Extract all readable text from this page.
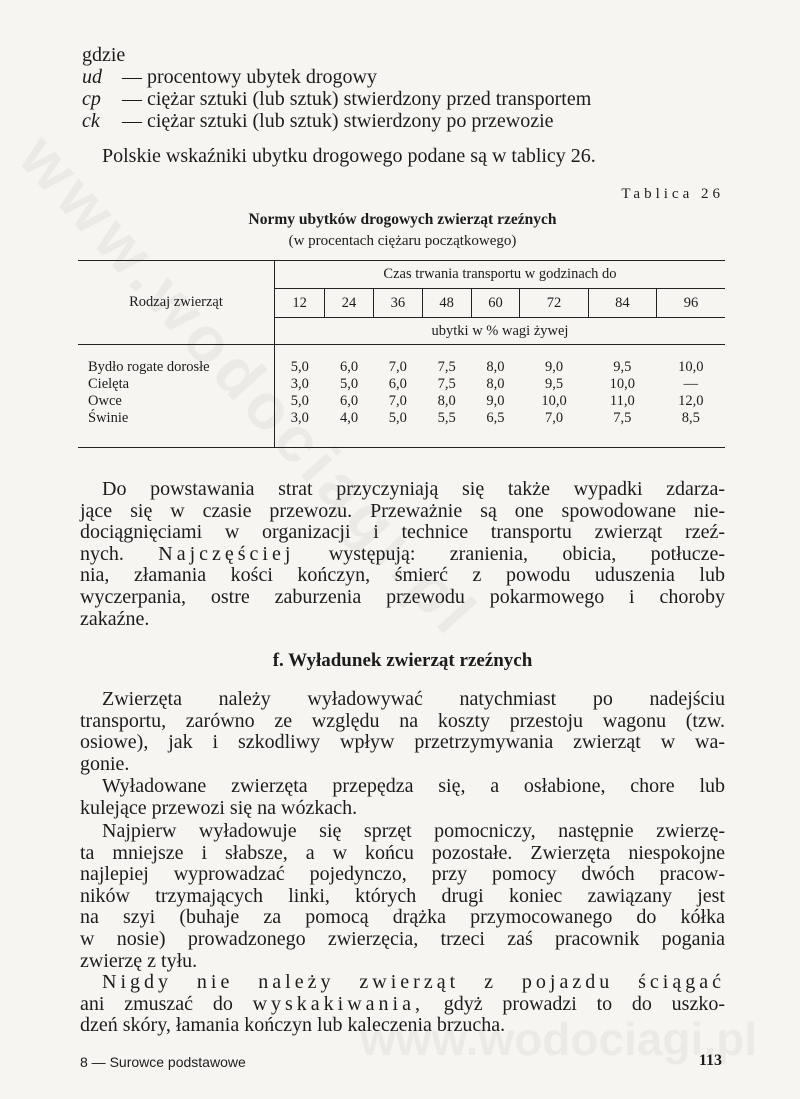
gdzie
ud — procentowy ubytek drogowy
cp — ciężar sztuki (lub sztuk) stwierdzony przed transportem
ck — ciężar sztuki (lub sztuk) stwierdzony po przewozie
Polskie wskaźniki ubytku drogowego podane są w tablicy 26.
Tablica 26
Normy ubytków drogowych zwierząt rzeźnych
(w procentach ciężaru początkowego)
Rodzaj zwierząt	Czas trwania transportu w godzinach do							
	12	24	36	48	60	72	84	96
	ubytki w % wagi żywej							

Bydło rogate dorosłe	5,0	6,0	7,0	7,5	8,0	9,0	9,5	10,0
Cielęta	3,0	5,0	6,0	7,5	8,0	9,5	10,0	—
Owce	5,0	6,0	7,0	8,0	9,0	10,0	11,0	12,0
Świnie	3,0	4,0	5,0	5,5	6,5	7,0	7,5	8,5

Do powstawania strat przyczyniają się także wypadki zdarza-
jące się w czasie przewozu. Przeważnie są one spowodowane nie-
dociągnięciami w organizacji i technice transportu zwierząt rzeź-
nych. Najczęściej występują: zranienia, obicia, potłucze-
nia, złamania kości kończyn, śmierć z powodu uduszenia lub
wyczerpania, ostre zaburzenia przewodu pokarmowego i choroby
zakaźne.
f. Wyładunek zwierząt rzeźnych
Zwierzęta należy wyładowywać natychmiast po nadejściu
transportu, zarówno ze względu na koszty przestoju wagonu (tzw.
osiowe), jak i szkodliwy wpływ przetrzymywania zwierząt w wa-
gonie.
Wyładowane zwierzęta przepędza się, a osłabione, chore lub
kulejące przewozi się na wózkach.
Najpierw wyładowuje się sprzęt pomocniczy, następnie zwierzę-
ta mniejsze i słabsze, a w końcu pozostałe. Zwierzęta niespokojne
najlepiej wyprowadzać pojedynczo, przy pomocy dwóch pracow-
ników trzymających linki, których drugi koniec zawiązany jest
na szyi (buhaje za pomocą drążka przymocowanego do kółka
w nosie) prowadzonego zwierzęcia, trzeci zaś pracownik pogania
zwierzę z tyłu.
Nigdy nie należy zwierząt z pojazdu ściągać
ani zmuszać do wyskakiwania, gdyż prowadzi to do uszko-
dzeń skóry, łamania kończyn lub kaleczenia brzucha.
8 — Surowce podstawowe	113
